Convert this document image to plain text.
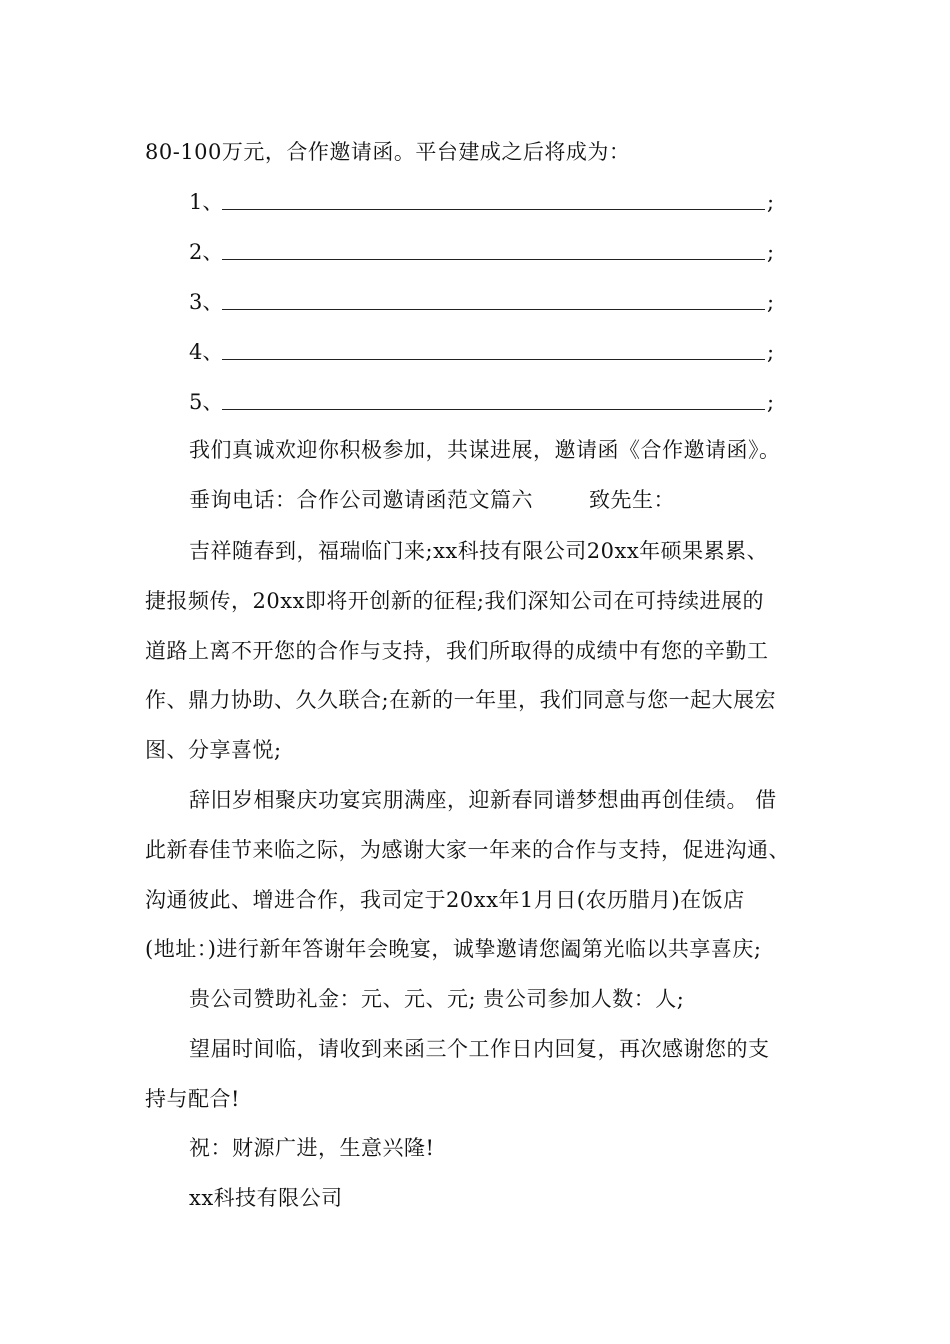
80-100万元，合作邀请函。平台建成之后将成为：
1、	;
2、	;
3、	;
4、	;
5、	;
我们真诚欢迎你积极参加，共谋进展，邀请函《合作邀请函》。
垂询电话：合作公司邀请函范文篇六	致先生：
吉祥随春到，福瑞临门来;xx科技有限公司20xx年硕果累累、
捷报频传，20xx即将开创新的征程;我们深知公司在可持续进展的
道路上离不开您的合作与支持，我们所取得的成绩中有您的辛勤工
作、鼎力协助、久久联合;在新的一年里，我们同意与您一起大展宏
图、分享喜悦;
辞旧岁相聚庆功宴宾朋满座，迎新春同谱梦想曲再创佳绩。 借
此新春佳节来临之际，为感谢大家一年来的合作与支持，促进沟通、
沟通彼此、增进合作，我司定于20xx年1月日(农历腊月)在饭店
(地址：)进行新年答谢年会晚宴，诚挚邀请您阖第光临以共享喜庆;
贵公司赞助礼金：元、元、元; 贵公司参加人数：人;
望届时间临，请收到来函三个工作日内回复，再次感谢您的支
持与配合!
祝：财源广进，生意兴隆!
xx科技有限公司
